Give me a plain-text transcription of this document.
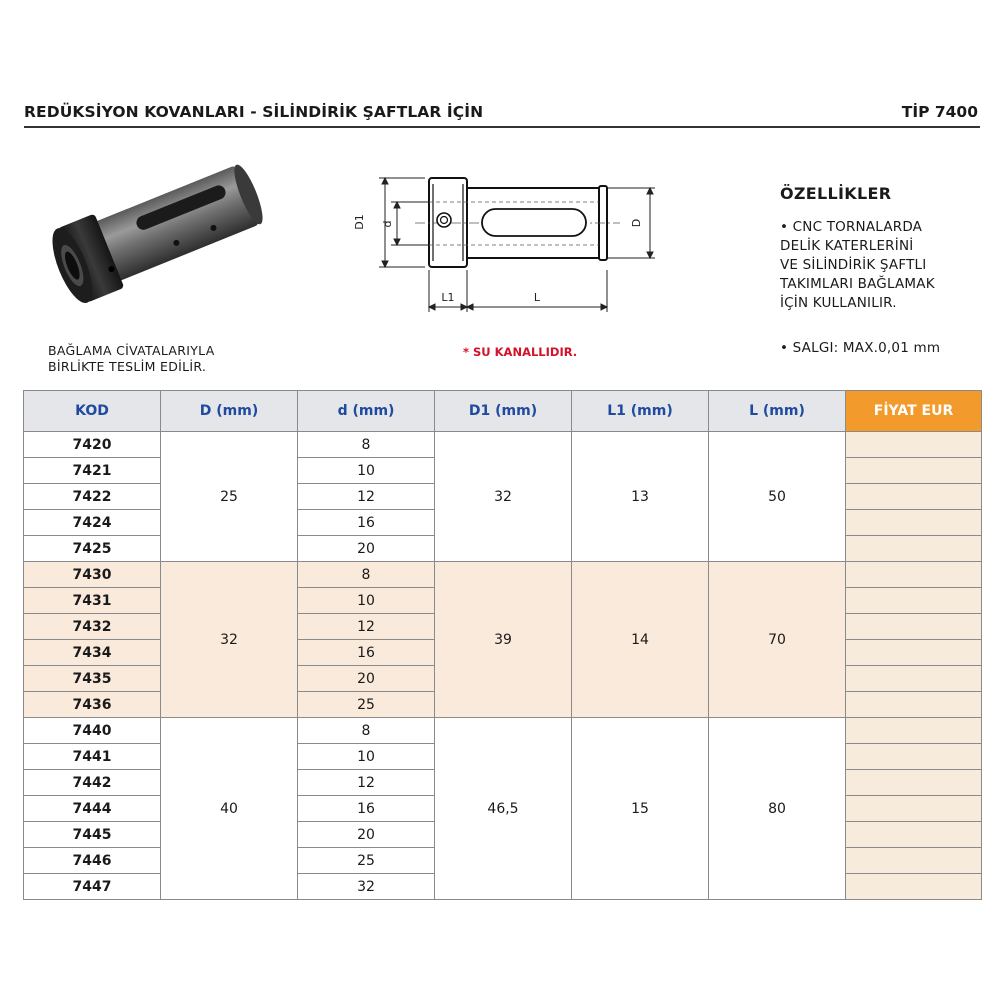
REDÜKSİYON KOVANLARI - SİLİNDİRİK ŞAFTLAR İÇİN	TİP 7400
BAĞLAMA CİVATALARIYLA
BİRLİKTE TESLİM EDİLİR.
D1 d	D
L1	L
* SU KANALLIDIR.
ÖZELLİKLER
• CNC TORNALARDA
DELİK KATERLERİNİ
VE SİLİNDİRİK ŞAFTLI
TAKIMLARI BAĞLAMAK
İÇİN KULLANILIR.
• SALGI: MAX.0,01 mm
KOD	D (mm)	d (mm)	D1 (mm)	L1 (mm)	L (mm)	FİYAT EUR
7420	25	8	32	13	50	
7421		10				
7422		12				
7424		16				
7425		20				
7430	32	8	39	14	70	
7431		10				
7432		12				
7434		16				
7435		20				
7436		25				
7440	40	8	46,5	15	80	
7441		10				
7442		12				
7444		16				
7445		20				
7446		25				
7447		32				
